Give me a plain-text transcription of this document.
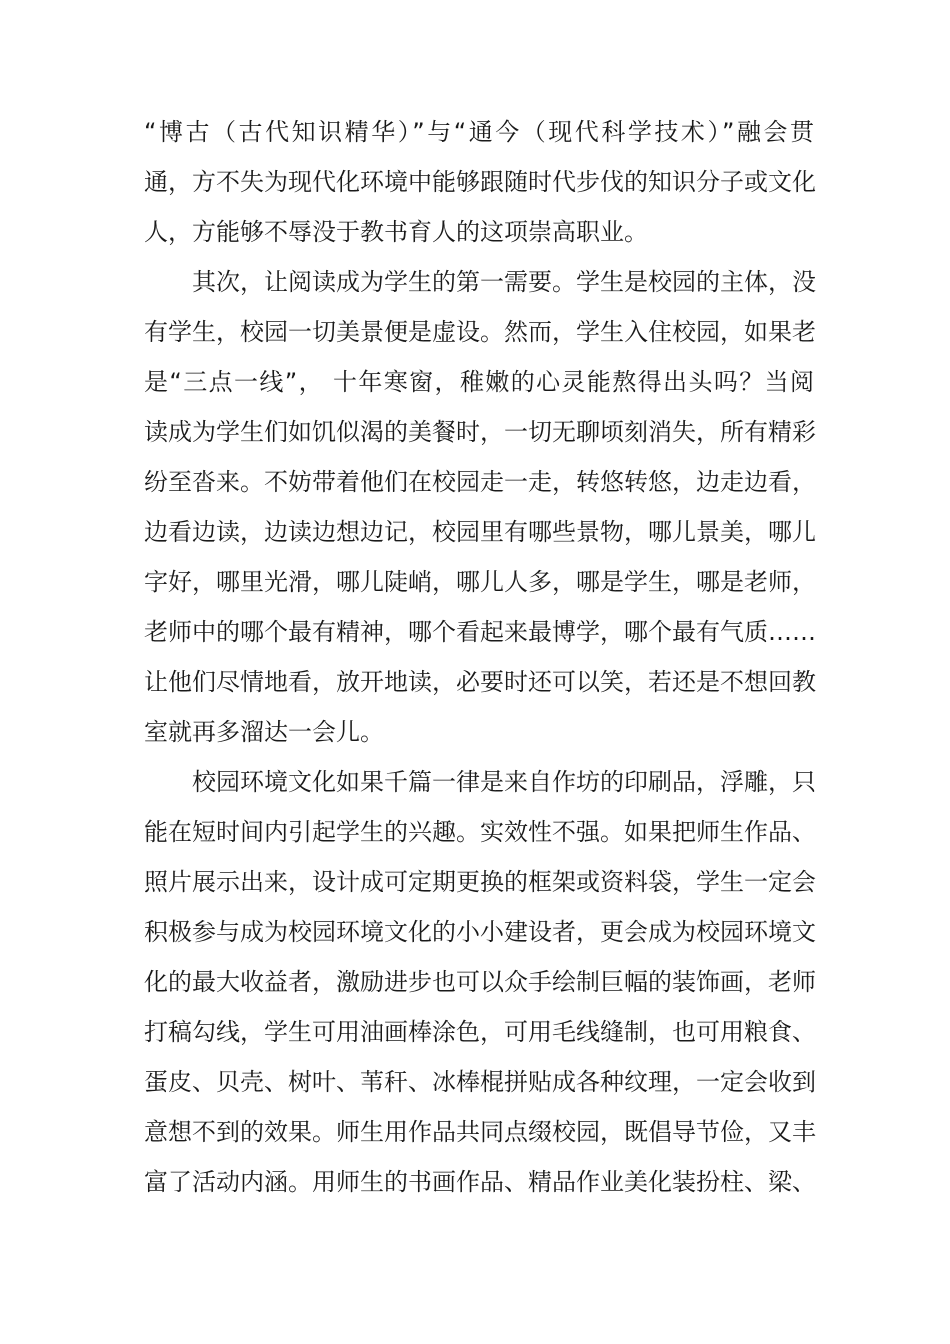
“博古（古代知识精华）”与“通今（现代科学技术）”融会贯
通，方不失为现代化环境中能够跟随时代步伐的知识分子或文化
人，方能够不辱没于教书育人的这项崇高职业。
其次，让阅读成为学生的第一需要。学生是校园的主体，没
有学生，校园一切美景便是虚设。然而，学生入住校园，如果老
是“三点一线”， 十年寒窗，稚嫩的心灵能熬得出头吗？当阅
读成为学生们如饥似渴的美餐时，一切无聊顷刻消失，所有精彩
纷至沓来。不妨带着他们在校园走一走，转悠转悠，边走边看，
边看边读，边读边想边记，校园里有哪些景物，哪儿景美，哪儿
字好，哪里光滑，哪儿陡峭，哪儿人多，哪是学生，哪是老师，
老师中的哪个最有精神，哪个看起来最博学，哪个最有气质……
让他们尽情地看，放开地读，必要时还可以笑，若还是不想回教
室就再多溜达一会儿。
校园环境文化如果千篇一律是来自作坊的印刷品，浮雕，只
能在短时间内引起学生的兴趣。实效性不强。如果把师生作品、
照片展示出来，设计成可定期更换的框架或资料袋，学生一定会
积极参与成为校园环境文化的小小建设者，更会成为校园环境文
化的最大收益者，激励进步也可以众手绘制巨幅的装饰画，老师
打稿勾线，学生可用油画棒涂色，可用毛线缝制，也可用粮食、
蛋皮、贝壳、树叶、苇秆、冰棒棍拼贴成各种纹理，一定会收到
意想不到的效果。师生用作品共同点缀校园，既倡导节俭，又丰
富了活动内涵。用师生的书画作品、精品作业美化装扮柱、梁、
